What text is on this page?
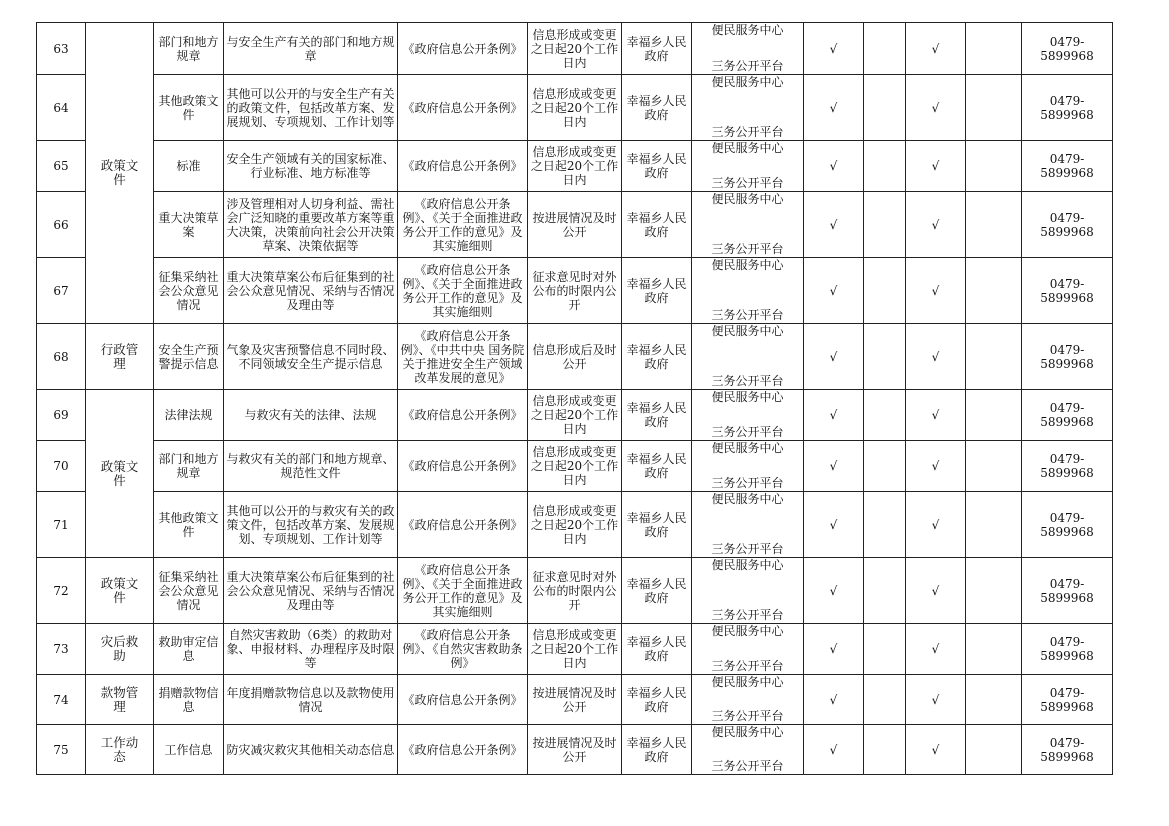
63	政策文件	部门和地方规章	与安全生产有关的部门和地方规章	《政府信息公开条例》	信息形成或变更之日起20个工作日内	幸福乡人民政府	便民服务中心
三务公开平台	√		√		0479-5899968
64		其他政策文件	其他可以公开的与安全生产有关的政策文件，包括改革方案、发展规划、专项规划、工作计划等	《政府信息公开条例》	信息形成或变更之日起20个工作日内	幸福乡人民政府	便民服务中心
三务公开平台	√		√		0479-5899968
65		标准	安全生产领域有关的国家标准、行业标准、地方标准等	《政府信息公开条例》	信息形成或变更之日起20个工作日内	幸福乡人民政府	便民服务中心
三务公开平台	√		√		0479-5899968
66		重大决策草案	涉及管理相对人切身利益、需社会广泛知晓的重要改革方案等重大决策，决策前向社会公开决策草案、决策依据等	《政府信息公开条例》、《关于全面推进政务公开工作的意见》及其实施细则	按进展情况及时公开	幸福乡人民政府	便民服务中心
三务公开平台	√		√		0479-5899968
67		征集采纳社会公众意见情况	重大决策草案公布后征集到的社会公众意见情况、采纳与否情况及理由等	《政府信息公开条例》、《关于全面推进政务公开工作的意见》及其实施细则	征求意见时对外公布的时限内公开	幸福乡人民政府	便民服务中心
三务公开平台	√		√		0479-5899968
68	行政管理	安全生产预警提示信息	气象及灾害预警信息不同时段、不同领域安全生产提示信息	《政府信息公开条例》、《中共中央 国务院关于推进安全生产领域改革发展的意见》	信息形成后及时公开	幸福乡人民政府	便民服务中心
三务公开平台	√		√		0479-5899968
69	政策文件	法律法规	与救灾有关的法律、法规	《政府信息公开条例》	信息形成或变更之日起20个工作日内	幸福乡人民政府	便民服务中心
三务公开平台	√		√		0479-5899968
70		部门和地方规章	与救灾有关的部门和地方规章、规范性文件	《政府信息公开条例》	信息形成或变更之日起20个工作日内	幸福乡人民政府	便民服务中心
三务公开平台	√		√		0479-5899968
71		其他政策文件	其他可以公开的与救灾有关的政策文件，包括改革方案、发展规划、专项规划、工作计划等	《政府信息公开条例》	信息形成或变更之日起20个工作日内	幸福乡人民政府	便民服务中心
三务公开平台	√		√		0479-5899968
72	政策文件	征集采纳社会公众意见情况	重大决策草案公布后征集到的社会公众意见情况、采纳与否情况及理由等	《政府信息公开条例》、《关于全面推进政务公开工作的意见》及其实施细则	征求意见时对外公布的时限内公开	幸福乡人民政府	便民服务中心
三务公开平台	√		√		0479-5899968
73	灾后救助	救助审定信息	自然灾害救助（6类）的救助对象、申报材料、办理程序及时限等	《政府信息公开条例》、《自然灾害救助条例》	信息形成或变更之日起20个工作日内	幸福乡人民政府	便民服务中心
三务公开平台	√		√		0479-5899968
74	款物管理	捐赠款物信息	年度捐赠款物信息以及款物使用情况	《政府信息公开条例》	按进展情况及时公开	幸福乡人民政府	便民服务中心
三务公开平台	√		√		0479-5899968
75	工作动态	工作信息	防灾减灾救灾其他相关动态信息	《政府信息公开条例》	按进展情况及时公开	幸福乡人民政府	便民服务中心
三务公开平台	√		√		0479-5899968
